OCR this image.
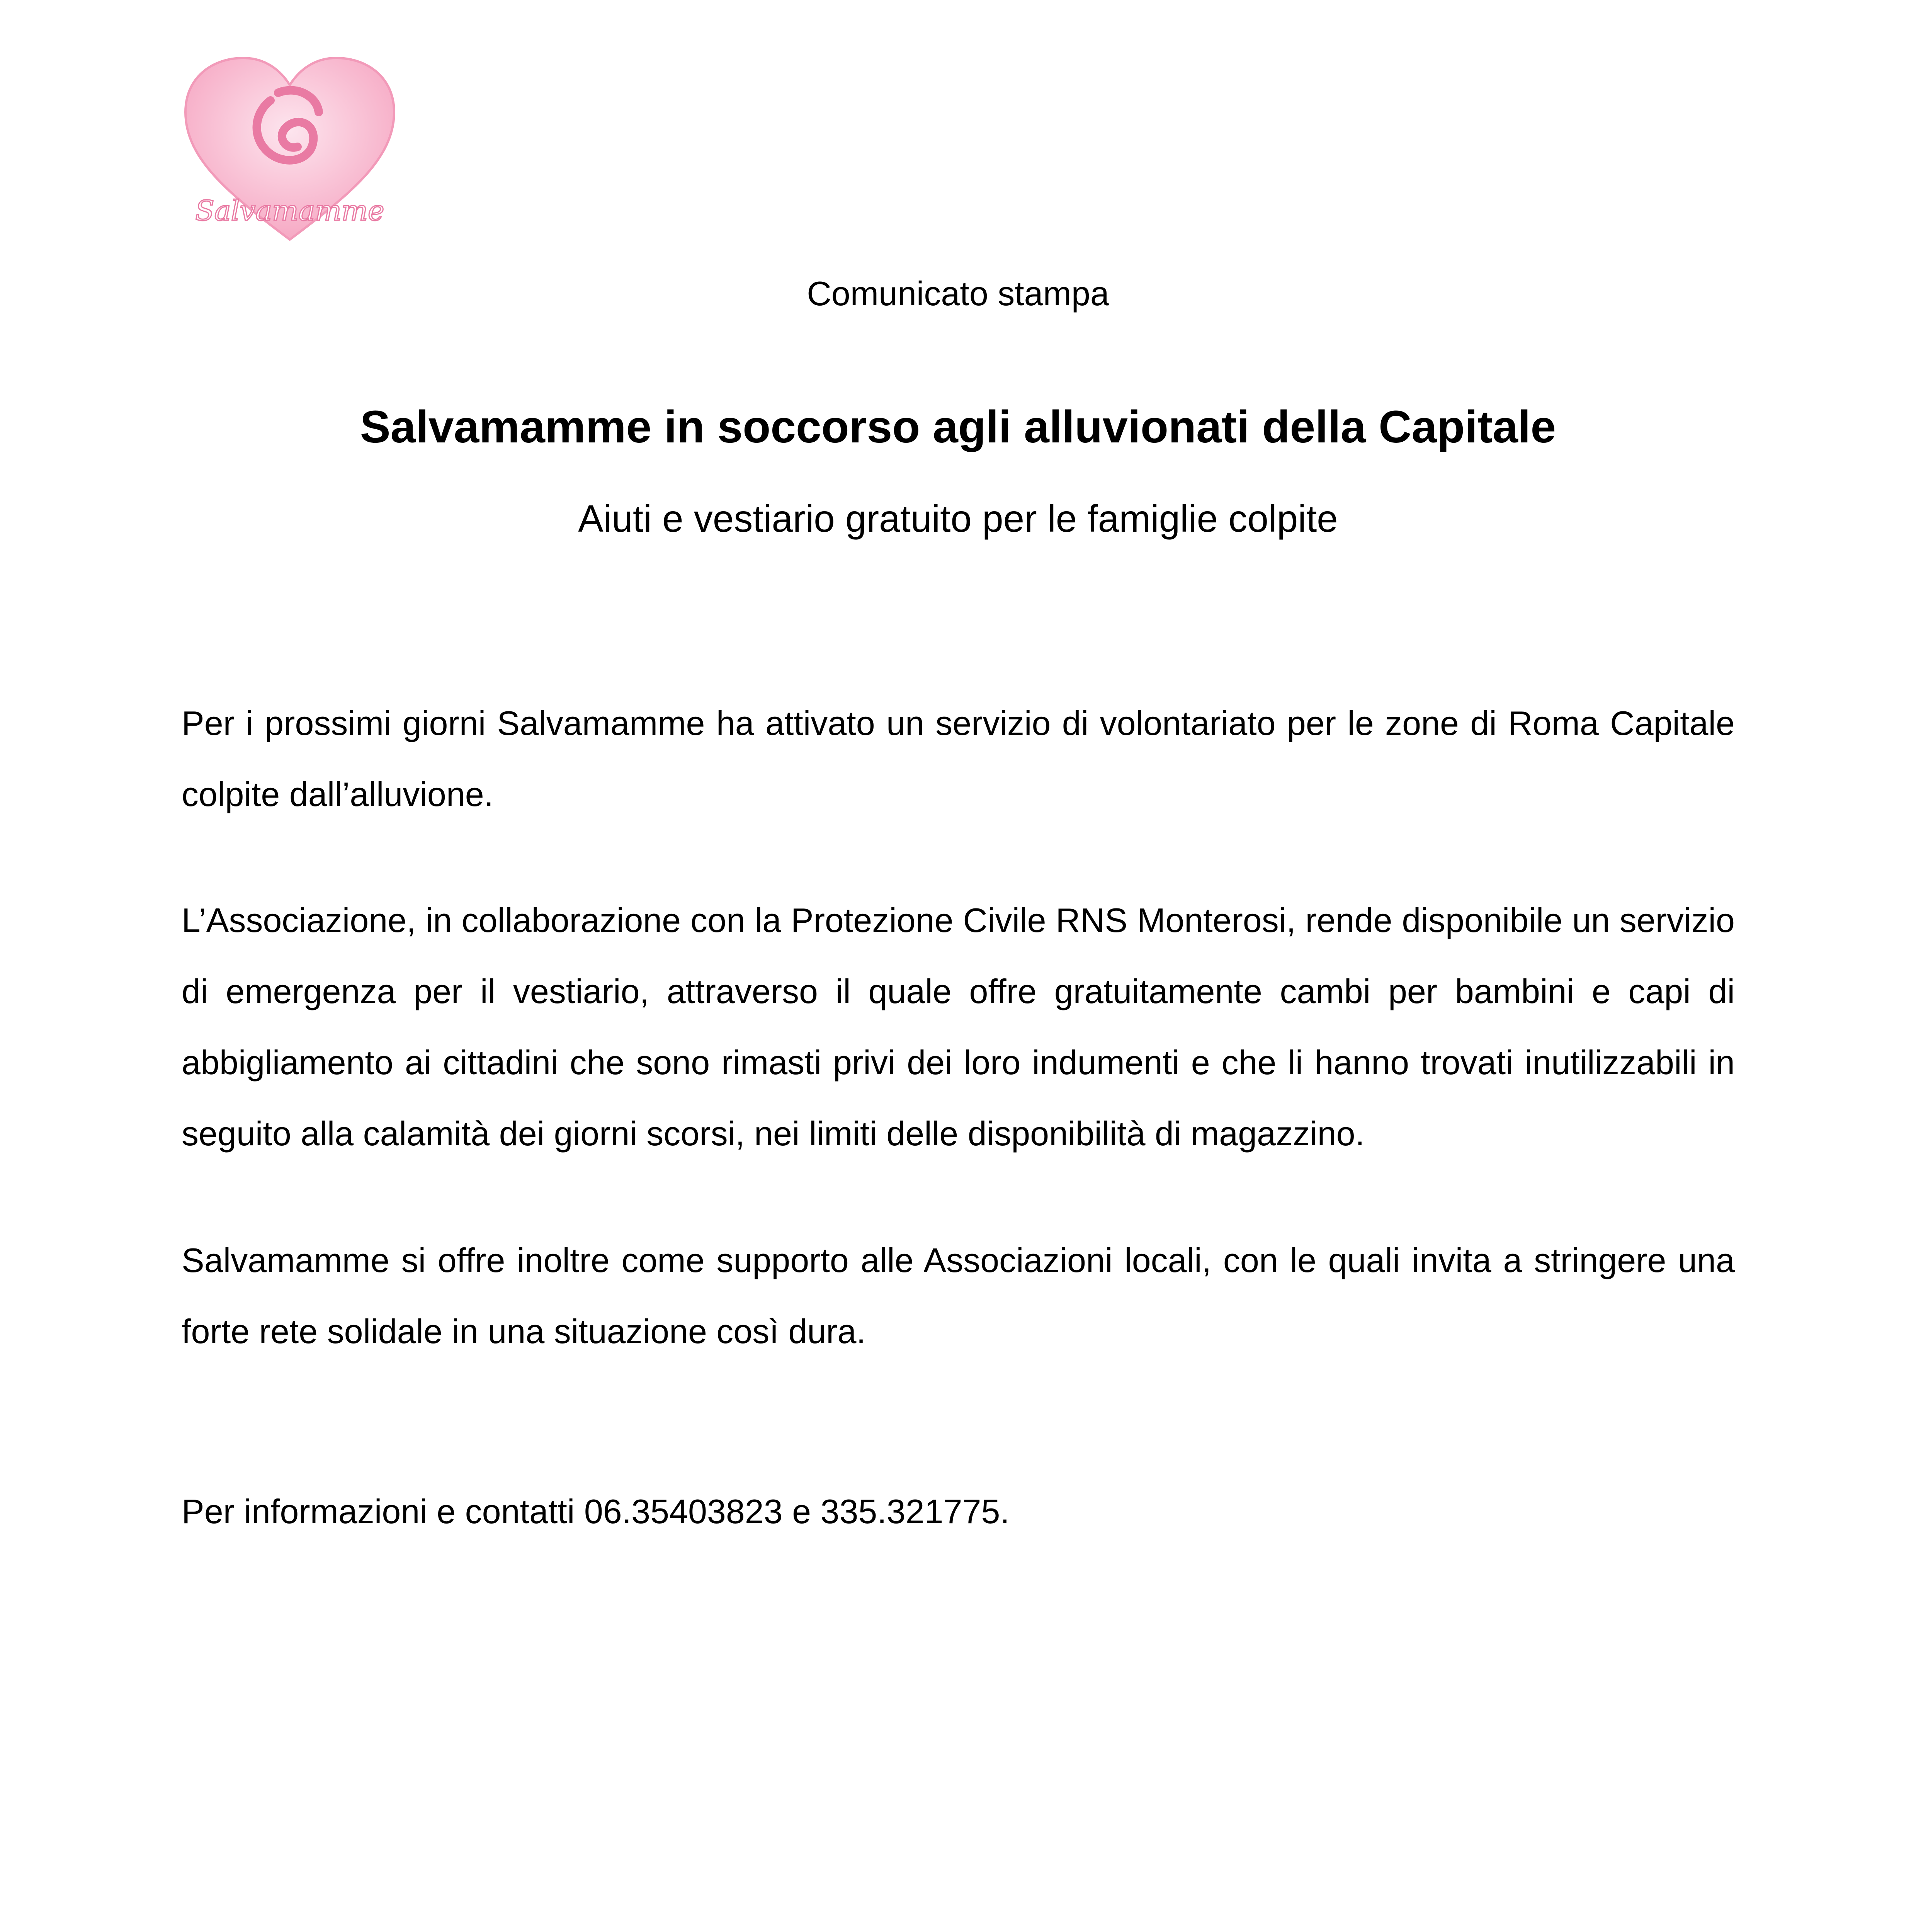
Salvamamme
Comunicato stampa
Salvamamme in soccorso agli alluvionati della Capitale
Aiuti e vestiario gratuito per le famiglie colpite

Per i prossimi giorni Salvamamme ha attivato un servizio di volontariato per le zone di Roma Capitale colpite dall’alluvione.

L’Associazione, in collaborazione con la Protezione Civile RNS Monterosi, rende disponibile un servizio di emergenza per il vestiario, attraverso il quale offre gratuitamente cambi per bambini e capi di abbigliamento ai cittadini che sono rimasti privi dei loro indumenti e che li hanno trovati inutilizzabili in seguito alla calamità dei giorni scorsi, nei limiti delle disponibilità di magazzino.

Salvamamme si offre inoltre come supporto alle Associazioni locali, con le quali invita a stringere una forte rete solidale in una situazione così dura.

Per informazioni e contatti 06.35403823 e 335.321775.
